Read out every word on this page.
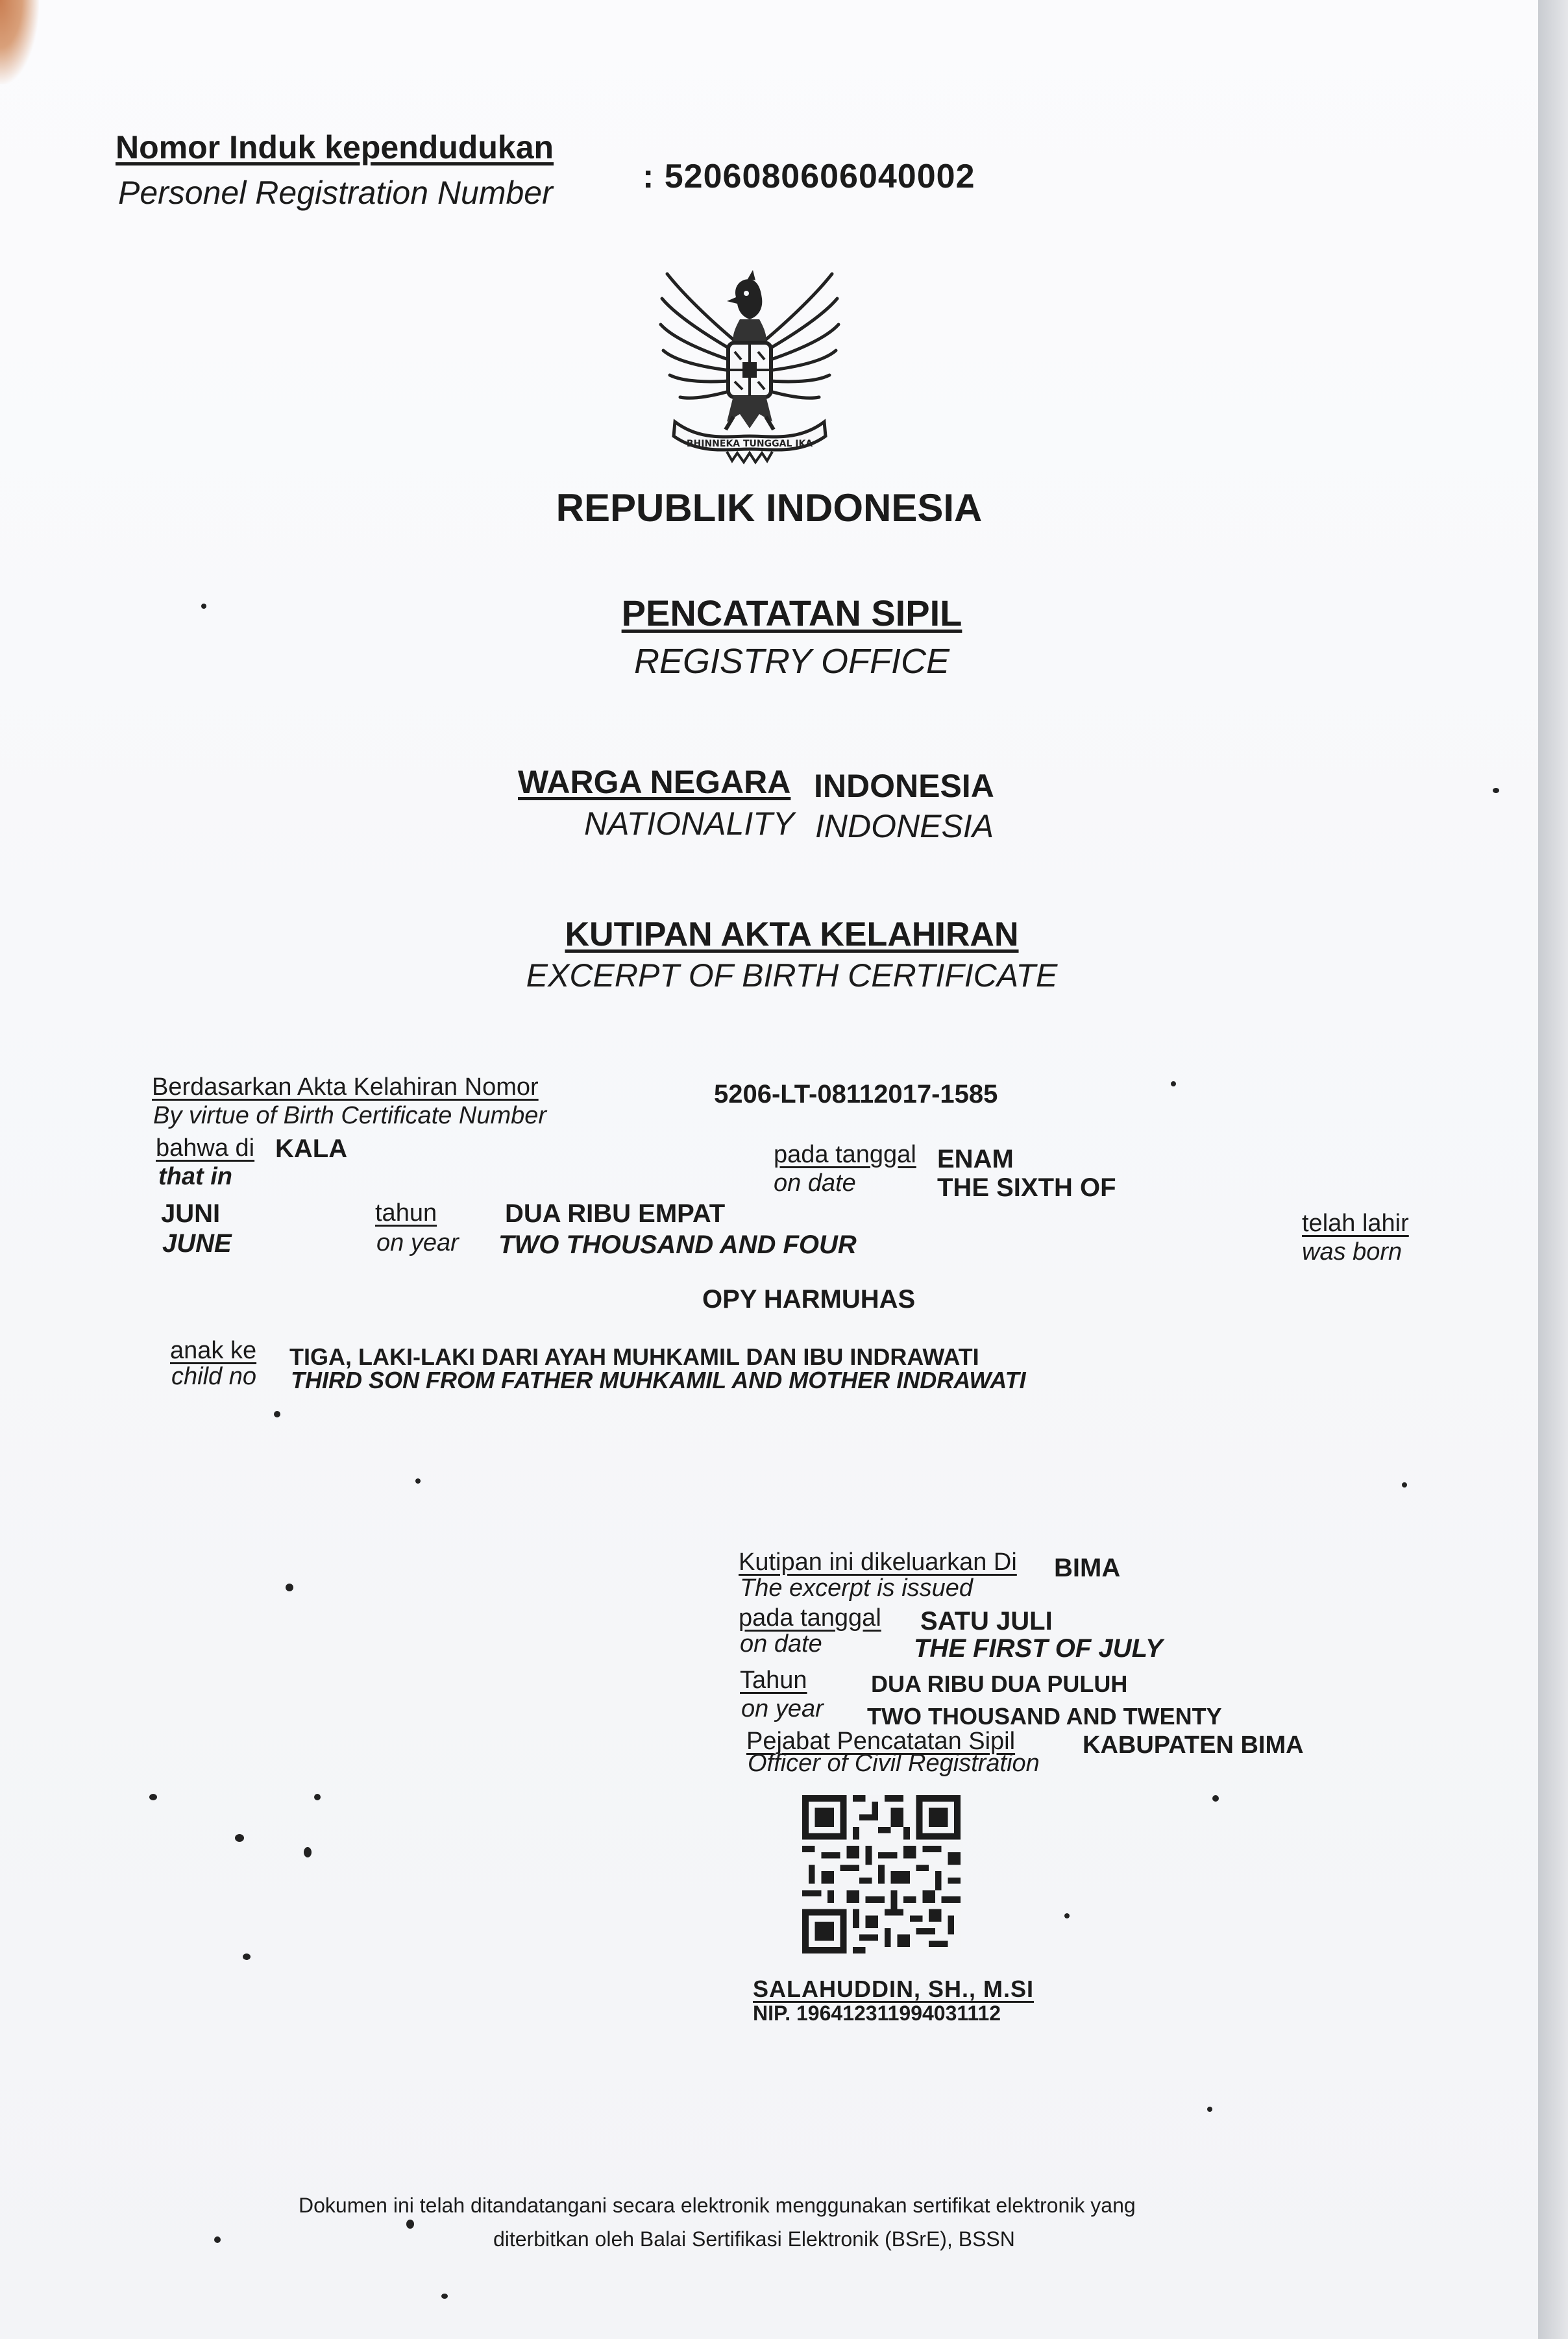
Nomor Induk kependudukan
Personel Registration Number	: 5206080606040002
BHINNEKA TUNGGAL IKA
REPUBLIK INDONESIA
PENCATATAN SIPIL
REGISTRY OFFICE
WARGA NEGARA INDONESIA
NATIONALITY INDONESIA
KUTIPAN AKTA KELAHIRAN
EXCERPT OF BIRTH CERTIFICATE
Berdasarkan Akta Kelahiran Nomor
By virtue of Birth Certificate Number
5206-LT-08112017-1585
bahwa di KALA
that in
pada tanggal
on date
ENAM
THE SIXTH OF
JUNI
JUNE
tahun
on year
DUA RIBU EMPAT
TWO THOUSAND AND FOUR
telah lahir
was born
OPY HARMUHAS
anak ke
child no
TIGA, LAKI-LAKI DARI AYAH MUHKAMIL DAN IBU INDRAWATI
THIRD SON FROM FATHER MUHKAMIL AND MOTHER INDRAWATI
Kutipan ini dikeluarkan Di
The excerpt is issued
BIMA
pada tanggal
on date
SATU JULI
THE FIRST OF JULY
Tahun
on year
DUA RIBU DUA PULUH
TWO THOUSAND AND TWENTY
Pejabat Pencatatan Sipil
Officer of Civil Registration
KABUPATEN BIMA
SALAHUDDIN, SH., M.SI
NIP. 196412311994031112
Dokumen ini telah ditandatangani secara elektronik menggunakan sertifikat elektronik yang
diterbitkan oleh Balai Sertifikasi Elektronik (BSrE), BSSN
